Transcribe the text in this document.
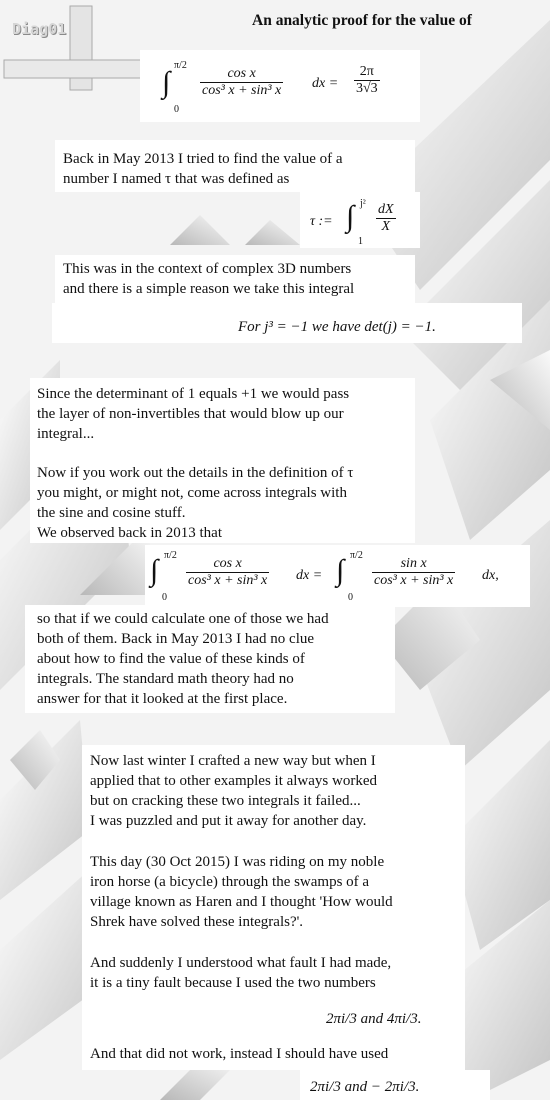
Diag01	An analytic proof for the value of
∫
π/2
0
$\frac{\text{cos x}}{\text{cos³ x + sin³ x}}$ dx = $\frac{2\pi}{3√3}$
Back in May 2013 I tried to find the value of a
number I named τ that was defined as
τ := ∫ j²
1
$\frac{dX}{X}$
This was in the context of complex 3D numbers
and there is a simple reason we take this integral
For j³ = −1 we have det(j) = −1.
Since the determinant of 1 equals +1 we would pass
the layer of non-invertibles that would blow up our
integral...
Now if you work out the details in the definition of τ
you might, or might not, come across integrals with
the sine and cosine stuff.
We observed back in 2013 that
∫ π/2
0
$\frac{\text{cos x}}{\text{cos³ x + sin³ x}}$ dx = ∫ π/2
0
$\frac{\text{sin x}}{\text{cos³ x + sin³ x}}$ dx,
so that if we could calculate one of those we had
both of them. Back in May 2013 I had no clue
about how to find the value of these kinds of
integrals. The standard math theory had no
answer for that it looked at the first place.
Now last winter I crafted a new way but when I
applied that to other examples it always worked
but on cracking these two integrals it failed...
I was puzzled and put it away for another day.
This day (30 Oct 2015) I was riding on my noble
iron horse (a bicycle) through the swamps of a
village known as Haren and I thought 'How would
Shrek have solved these integrals?'.
And suddenly I understood what fault I had made,
it is a tiny fault because I used the two numbers
2πi/3 and 4πi/3.
And that did not work, instead I should have used
2πi/3 and − 2πi/3.
